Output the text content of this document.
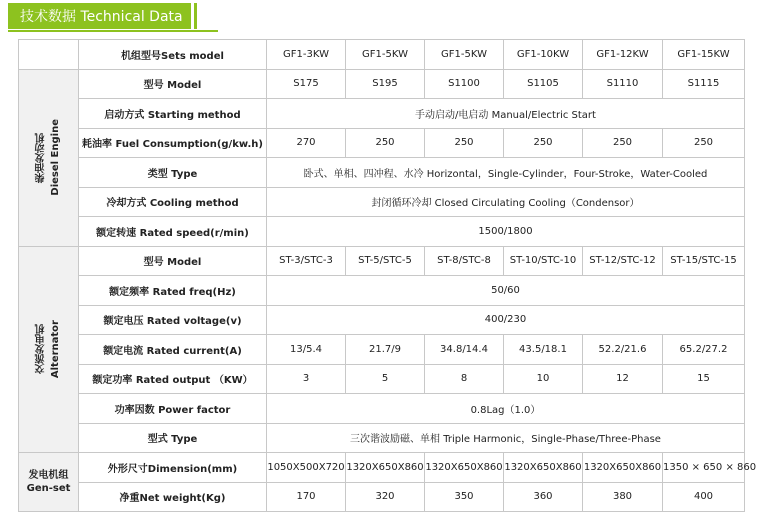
技术数据 Technical Data
	机组型号Sets model	GF1-3KW	GF1-5KW	GF1-5KW	GF1-10KW	GF1-12KW	GF1-15KW

柴油发动机 Diesel Engine	型号 Model	S175	S195	S1100	S1105	S1110	S1115
	启动方式 Starting method	手动启动/电启动 Manual/Electric Start					
	耗油率 Fuel Consumption(g/kw.h)	270	250	250	250	250	250
	类型 Type	卧式、单相、四冲程、水冷 Horizontal，Single-Cylinder，Four-Stroke，Water-Cooled					
	冷却方式 Cooling method	封闭循环冷却 Closed Circulating Cooling（Condensor）					
	额定转速 Rated speed(r/min)	1500/1800					

交流发电机 Alternator	型号 Model	ST-3/STC-3	ST-5/STC-5	ST-8/STC-8	ST-10/STC-10	ST-12/STC-12	ST-15/STC-15
	额定频率 Rated freq(Hz)	50/60					
	额定电压 Rated voltage(v)	400/230					
	额定电流 Rated current(A)	13/5.4	21.7/9	34.8/14.4	43.5/18.1	52.2/21.6	65.2/27.2
	额定功率 Rated output （KW）	3	5	8	10	12	15
	功率因数 Power factor	0.8Lag（1.0）					
	型式 Type	三次谐波励磁、单相 Triple Harmonic，Single-Phase/Three-Phase					

发电机组
Gen-set	外形尺寸Dimension(mm)	1050X500X720	1320X650X860	1320X650X860	1320X650X860	1320X650X860	1350 × 650 × 860
	净重Net weight(Kg)	170	320	350	360	380	400
